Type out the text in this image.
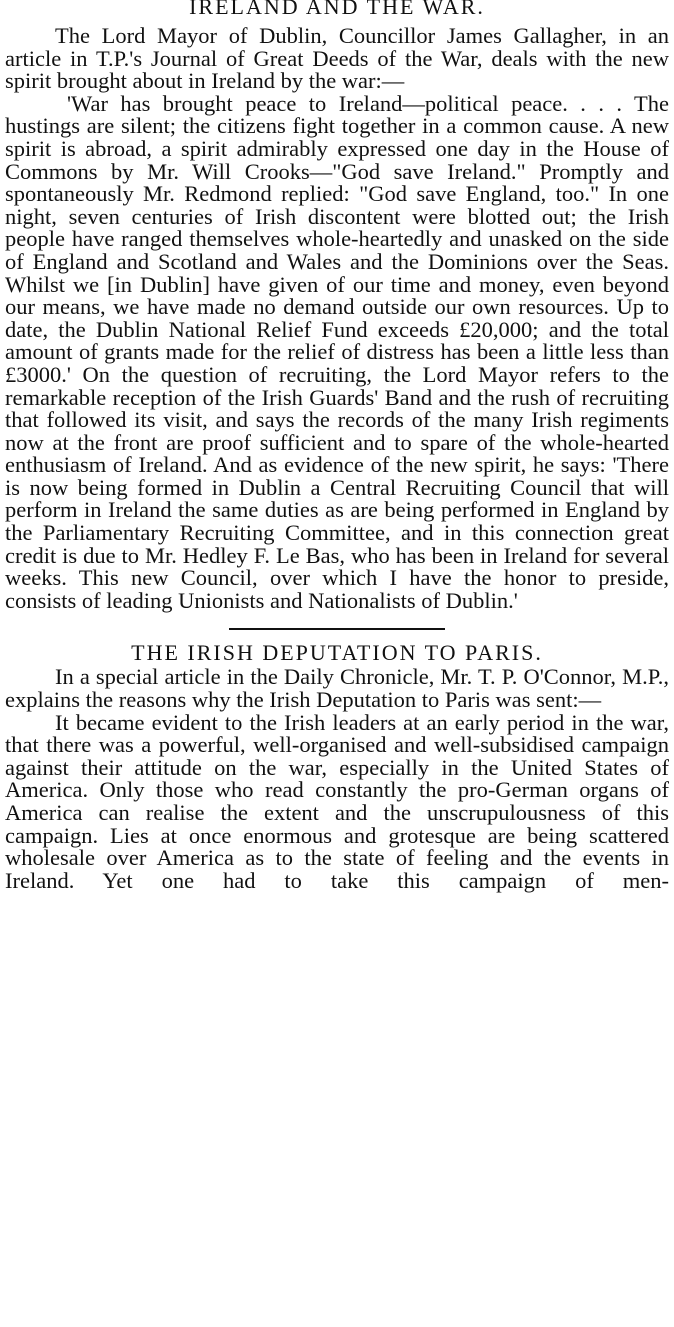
IRELAND AND THE WAR.

The Lord Mayor of Dublin, Councillor James Gallagher, in an article in T.P.'s Journal of Great Deeds of the War, deals with the new spirit brought about in Ireland by the war:—

'War has brought peace to Ireland—political peace. . . . The hustings are silent; the citizens fight together in a common cause. A new spirit is abroad, a spirit admirably expressed one day in the House of Commons by Mr. Will Crooks—"God save Ireland." Promptly and spontaneously Mr. Redmond replied: "God save England, too." In one night, seven centuries of Irish discontent were blotted out; the Irish people have ranged themselves whole-heartedly and unasked on the side of England and Scotland and Wales and the Dominions over the Seas. Whilst we [in Dublin] have given of our time and money, even beyond our means, we have made no demand outside our own resources. Up to date, the Dublin National Relief Fund exceeds £20,000; and the total amount of grants made for the relief of distress has been a little less than £3000.' On the question of recruiting, the Lord Mayor refers to the remarkable reception of the Irish Guards' Band and the rush of recruiting that followed its visit, and says the records of the many Irish regiments now at the front are proof sufficient and to spare of the whole-hearted enthusiasm of Ireland. And as evidence of the new spirit, he says: 'There is now being formed in Dublin a Central Recruiting Council that will perform in Ireland the same duties as are being performed in England by the Parliamentary Recruiting Committee, and in this connection great credit is due to Mr. Hedley F. Le Bas, who has been in Ireland for several weeks. This new Council, over which I have the honor to preside, consists of leading Unionists and Nationalists of Dublin.'

THE IRISH DEPUTATION TO PARIS.

In a special article in the Daily Chronicle, Mr. T. P. O'Connor, M.P., explains the reasons why the Irish Deputation to Paris was sent:—

It became evident to the Irish leaders at an early period in the war, that there was a powerful, well-organised and well-subsidised campaign against their attitude on the war, especially in the United States of America. Only those who read constantly the pro-German organs of America can realise the extent and the unscrupulousness of this campaign. Lies at once enormous and grotesque are being scattered wholesale over America as to the state of feeling and the events in Ireland. Yet one had to take this campaign of men-
